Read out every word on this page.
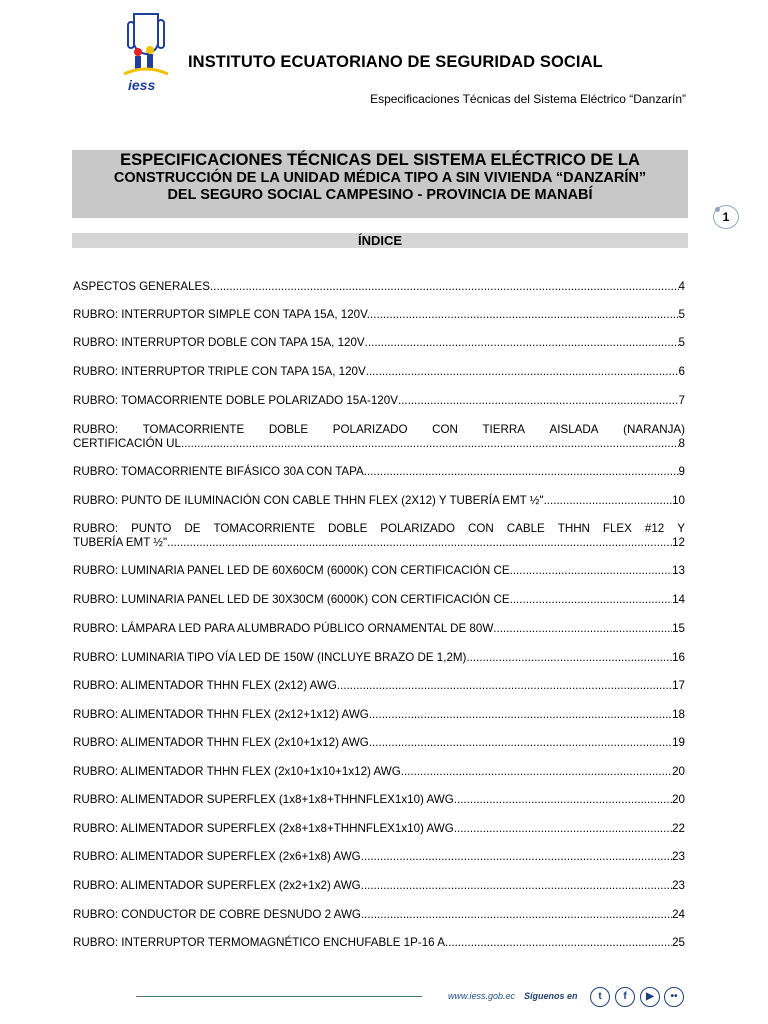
iess
INSTITUTO ECUATORIANO DE SEGURIDAD SOCIAL
Especificaciones Técnicas del Sistema Eléctrico “Danzarín”
ESPECIFICACIONES TÉCNICAS DEL SISTEMA ELÉCTRICO DE LA
CONSTRUCCIÓN DE LA UNIDAD MÉDICA TIPO A SIN VIVIENDA “DANZARÍN”
DEL SEGURO SOCIAL CAMPESINO - PROVINCIA DE MANABÍ
1
ÍNDICE
ASPECTOS GENERALES .....	4
RUBRO: INTERRUPTOR SIMPLE CON TAPA 15A, 120V. .....	5
RUBRO: INTERRUPTOR DOBLE CON TAPA 15A, 120V .....	5
RUBRO: INTERRUPTOR TRIPLE CON TAPA 15A, 120V .....	6
RUBRO: TOMACORRIENTE DOBLE POLARIZADO 15A-120V .....	7
RUBRO: TOMACORRIENTE DOBLE POLARIZADO CON TIERRA AISLADA (NARANJA)
CERTIFICACIÓN UL .....	8
RUBRO: TOMACORRIENTE BIFÁSICO 30A CON TAPA .....	9
RUBRO: PUNTO DE ILUMINACIÓN CON CABLE THHN FLEX (2X12) Y TUBERÍA EMT ½" .....	10
RUBRO: PUNTO DE TOMACORRIENTE DOBLE POLARIZADO CON CABLE THHN FLEX #12 Y
TUBERÍA EMT ½" .....	12
RUBRO: LUMINARIA PANEL LED DE 60X60CM (6000K) CON CERTIFICACIÓN CE .....	13
RUBRO: LUMINARIA PANEL LED DE 30X30CM (6000K) CON CERTIFICACIÓN CE .....	14
RUBRO: LÁMPARA LED PARA ALUMBRADO PÚBLICO ORNAMENTAL DE 80W .....	15
RUBRO: LUMINARIA TIPO VÍA LED DE 150W (INCLUYE BRAZO DE 1,2M) .....	16
RUBRO: ALIMENTADOR THHN FLEX (2x12) AWG .....	17
RUBRO: ALIMENTADOR THHN FLEX (2x12+1x12) AWG .....	18
RUBRO: ALIMENTADOR THHN FLEX (2x10+1x12) AWG .....	19
RUBRO: ALIMENTADOR THHN FLEX (2x10+1x10+1x12) AWG .....	20
RUBRO: ALIMENTADOR SUPERFLEX (1x8+1x8+THHNFLEX1x10) AWG .....	20
RUBRO: ALIMENTADOR SUPERFLEX (2x8+1x8+THHNFLEX1x10) AWG .....	22
RUBRO: ALIMENTADOR SUPERFLEX (2x6+1x8) AWG .....	23
RUBRO: ALIMENTADOR SUPERFLEX (2x2+1x2) AWG .....	23
RUBRO: CONDUCTOR DE COBRE DESNUDO 2 AWG .....	24
RUBRO: INTERRUPTOR TERMOMAGNÉTICO ENCHUFABLE 1P-16 A .....	25
www.iess.gob.ec Síguenos en	t	f	▶	••
